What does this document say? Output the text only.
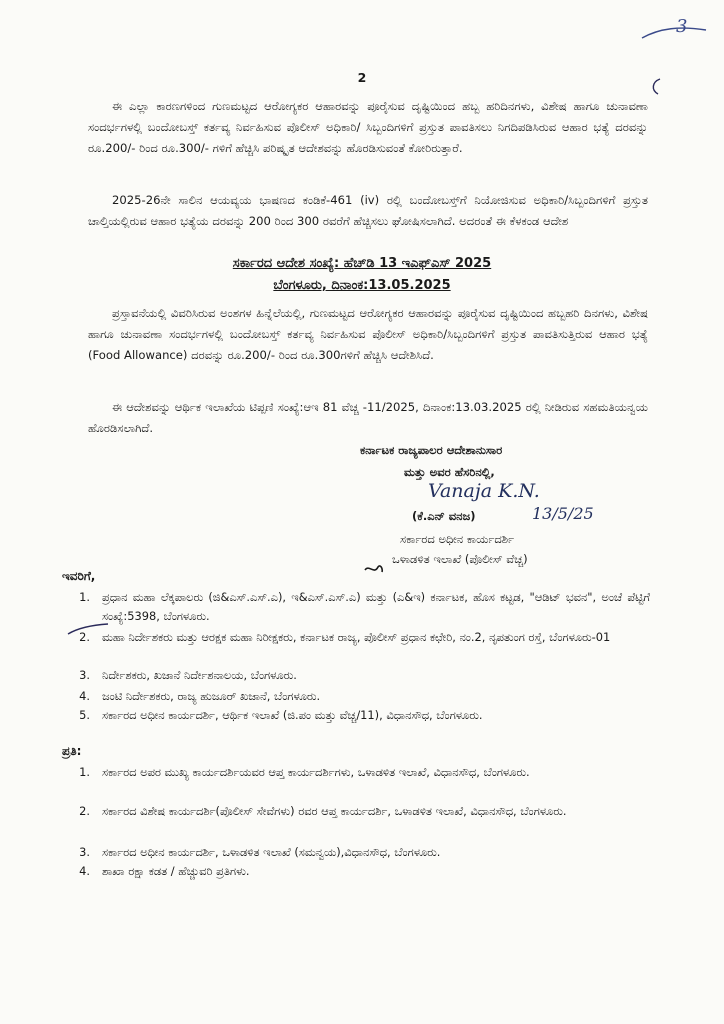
3
2
ಈ ಎಲ್ಲಾ ಕಾರಣಗಳಿಂದ ಗುಣಮಟ್ಟದ ಆರೋಗ್ಯಕರ ಆಹಾರವನ್ನು ಪೂರೈಸುವ ದೃಷ್ಟಿಯಿಂದ ಹಬ್ಬ ಹರಿದಿನಗಳು, ವಿಶೇಷ ಹಾಗೂ ಚುನಾವಣಾ ಸಂದರ್ಭಗಳಲ್ಲಿ ಬಂದೋಬಸ್ತ್ ಕರ್ತವ್ಯ ನಿರ್ವಹಿಸುವ ಪೊಲೀಸ್ ಅಧಿಕಾರಿ/ ಸಿಬ್ಬಂದಿಗಳಿಗೆ ಪ್ರಸ್ತುತ ಪಾವತಿಸಲು ನಿಗದಿಪಡಿಸಿರುವ ಆಹಾರ ಭತ್ಯೆ ದರವನ್ನು ರೂ.200/- ರಿಂದ ರೂ.300/- ಗಳಿಗೆ ಹೆಚ್ಚಿಸಿ ಪರಿಷ್ಕೃತ ಆದೇಶವನ್ನು ಹೊರಡಿಸುವಂತೆ ಕೋರಿರುತ್ತಾರೆ.
2025-26ನೇ ಸಾಲಿನ ಆಯವ್ಯಯ ಭಾಷಣದ ಕಂಡಿಕೆ-461 (iv) ರಲ್ಲಿ ಬಂದೋಬಸ್ತ್‌ಗೆ ನಿಯೋಜಿಸುವ ಅಧಿಕಾರಿ/ಸಿಬ್ಬಂದಿಗಳಿಗೆ ಪ್ರಸ್ತುತ ಚಾಲ್ತಿಯಲ್ಲಿರುವ ಆಹಾರ ಭತ್ಯೆಯ ದರವನ್ನು 200 ರಿಂದ 300 ರವರೆಗೆ ಹೆಚ್ಚಿಸಲು ಘೋಷಿಸಲಾಗಿದೆ. ಅದರಂತೆ ಈ ಕೆಳಕಂಡ ಆದೇಶ
ಸರ್ಕಾರದ ಆದೇಶ ಸಂಖ್ಯೆ: ಹೆಚ್‌ಡಿ 13 ಇಎಫ್ಎಸ್ 2025
ಬೆಂಗಳೂರು, ದಿನಾಂಕ:13.05.2025
ಪ್ರಸ್ತಾವನೆಯಲ್ಲಿ ವಿವರಿಸಿರುವ ಅಂಶಗಳ ಹಿನ್ನೆಲೆಯಲ್ಲಿ, ಗುಣಮಟ್ಟದ ಆರೋಗ್ಯಕರ ಆಹಾರವನ್ನು ಪೂರೈಸುವ ದೃಷ್ಟಿಯಿಂದ ಹಬ್ಬಹರಿ ದಿನಗಳು, ವಿಶೇಷ ಹಾಗೂ ಚುನಾವಣಾ ಸಂದರ್ಭಗಳಲ್ಲಿ ಬಂದೋಬಸ್ತ್ ಕರ್ತವ್ಯ ನಿರ್ವಹಿಸುವ ಪೊಲೀಸ್ ಅಧಿಕಾರಿ/ಸಿಬ್ಬಂದಿಗಳಿಗೆ ಪ್ರಸ್ತುತ ಪಾವತಿಸುತ್ತಿರುವ ಆಹಾರ ಭತ್ಯೆ (Food Allowance) ದರವನ್ನು ರೂ.200/- ರಿಂದ ರೂ.300ಗಳಿಗೆ ಹೆಚ್ಚಿಸಿ ಆದೇಶಿಸಿದೆ.
ಈ ಆದೇಶವನ್ನು ಆರ್ಥಿಕ ಇಲಾಖೆಯ ಟಿಪ್ಪಣಿ ಸಂಖ್ಯೆ:ಆಇ 81 ವೆಚ್ಚ -11/2025, ದಿನಾಂಕ:13.03.2025 ರಲ್ಲಿ ನೀಡಿರುವ ಸಹಮತಿಯನ್ವಯ ಹೊರಡಿಸಲಾಗಿದೆ.
ಕರ್ನಾಟಕ ರಾಜ್ಯಪಾಲರ ಆದೇಶಾನುಸಾರ
ಮತ್ತು ಅವರ ಹೆಸರಿನಲ್ಲಿ,
Vanaja K.N.
(ಕೆ.ಎನ್ ವನಜ)	13/5/25
ಸರ್ಕಾರದ ಅಧೀನ ಕಾರ್ಯದರ್ಶಿ
ಒಳಾಡಳಿತ ಇಲಾಖೆ (ಪೊಲೀಸ್ ವೆಚ್ಚ)
ಇವರಿಗೆ,
1. ಪ್ರಧಾನ ಮಹಾ ಲೆಕ್ಕಪಾಲರು (ಜಿ&ಎಸ್.ಎಸ್.ಎ), ಇ&ಎಸ್.ಎಸ್.ಎ) ಮತ್ತು (ಎ&ಇ) ಕರ್ನಾಟಕ, ಹೊಸ ಕಟ್ಟಡ, "ಆಡಿಟ್ ಭವನ", ಅಂಚೆ ಪೆಟ್ಟಿಗೆ ಸಂಖ್ಯೆ:5398, ಬೆಂಗಳೂರು.
2. ಮಹಾ ನಿರ್ದೇಶಕರು ಮತ್ತು ಆರಕ್ಷಕ ಮಹಾ ನಿರೀಕ್ಷಕರು, ಕರ್ನಾಟಕ ರಾಜ್ಯ, ಪೊಲೀಸ್ ಪ್ರಧಾನ ಕಛೇರಿ, ನಂ.2, ನೃಪತುಂಗ ರಸ್ತೆ, ಬೆಂಗಳೂರು-01
3. ನಿರ್ದೇಶಕರು, ಖಜಾನೆ ನಿರ್ದೇಶನಾಲಯ, ಬೆಂಗಳೂರು.
4. ಜಂಟಿ ನಿರ್ದೇಶಕರು, ರಾಜ್ಯ ಹುಜೂರ್ ಖಜಾನೆ, ಬೆಂಗಳೂರು.
5. ಸರ್ಕಾರದ ಅಧೀನ ಕಾರ್ಯದರ್ಶಿ, ಆರ್ಥಿಕ ಇಲಾಖೆ (ಜಿ.ಪಂ ಮತ್ತು ವೆಚ್ಚ/11), ವಿಧಾನಸೌಧ, ಬೆಂಗಳೂರು.
ಪ್ರತಿ:
1. ಸರ್ಕಾರದ ಅಪರ ಮುಖ್ಯ ಕಾರ್ಯದರ್ಶಿಯವರ ಆಪ್ತ ಕಾರ್ಯದರ್ಶಿಗಳು, ಒಳಾಡಳಿತ ಇಲಾಖೆ, ವಿಧಾನಸೌಧ, ಬೆಂಗಳೂರು.
2. ಸರ್ಕಾರದ ವಿಶೇಷ ಕಾರ್ಯದರ್ಶಿ(ಪೊಲೀಸ್ ಸೇವೆಗಳು) ರವರ ಆಪ್ತ ಕಾರ್ಯದರ್ಶಿ, ಒಳಾಡಳಿತ ಇಲಾಖೆ, ವಿಧಾನಸೌಧ, ಬೆಂಗಳೂರು.
3. ಸರ್ಕಾರದ ಅಧೀನ ಕಾರ್ಯದರ್ಶಿ, ಒಳಾಡಳಿತ ಇಲಾಖೆ (ಸಮನ್ವಯ),ವಿಧಾನಸೌಧ, ಬೆಂಗಳೂರು.
4. ಶಾಖಾ ರಕ್ಷಾ ಕಡತ / ಹೆಚ್ಚುವರಿ ಪ್ರತಿಗಳು.
